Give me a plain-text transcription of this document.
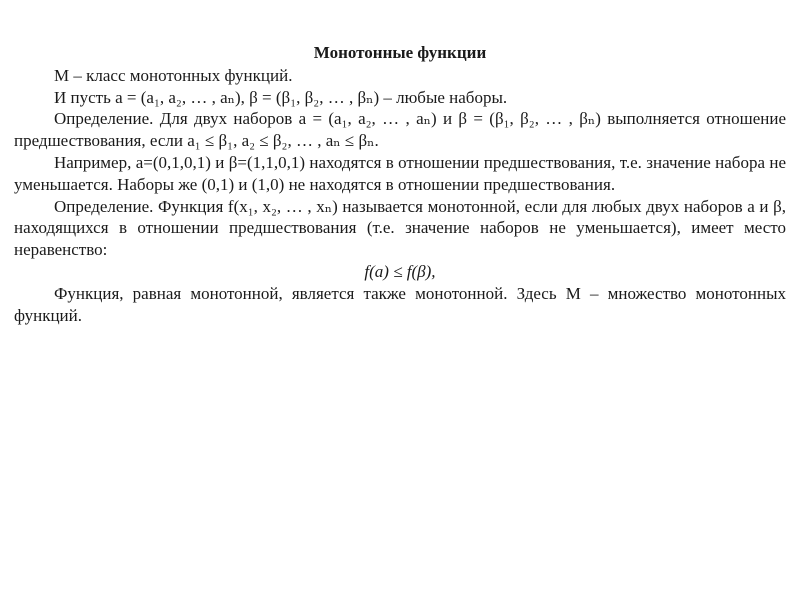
Монотонные функции

М – класс монотонных функций.

И пусть a = (a₁, a₂, … , aₙ), β = (β₁, β₂, … , βₙ) – любые наборы.

Определение. Для двух наборов a = (a₁, a₂, … , aₙ) и β = (β₁, β₂, … , βₙ) выполняется отношение предшествования, если a₁ ≤ β₁, a₂ ≤ β₂, … , aₙ ≤ βₙ.

Например, a=(0,1,0,1) и β=(1,1,0,1) находятся в отношении предшествования, т.е. значение набора не уменьшается. Наборы же (0,1) и (1,0) не находятся в отношении предшествования.

Определение. Функция f(x₁, x₂, … , xₙ) называется монотонной, если для любых двух наборов a и β, находящихся в отношении предшествования (т.е. значение наборов не уменьшается), имеет место неравенство:

f(a) ≤ f(β),

Функция, равная монотонной, является также монотонной. Здесь М – множество монотонных функций.
